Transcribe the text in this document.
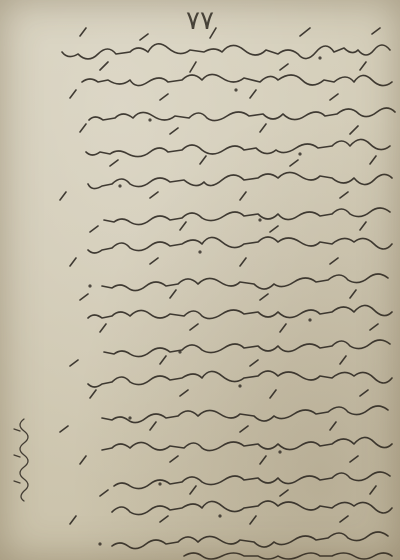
٧٧
